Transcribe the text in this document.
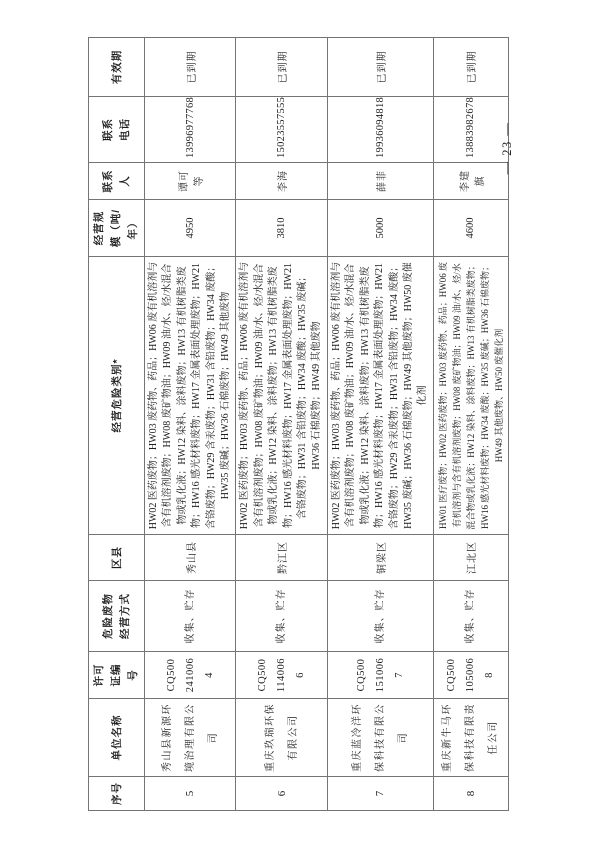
序号	单位名称	许可证编号	危险废物经营方式	区县	经营危险类别*	经营规模（吨/年）	联系人	联系电话	有效期
5	秀山县新源环境治理有限公司	CQ5002410064	收集、贮存	秀山县	HW02 医药废物；HW03 废药物、药品；HW06 废有机溶剂与含有机溶剂废物；HW08 废矿物油；HW09 油/水、烃/水混合物或乳化液；HW12 染料、涂料废物；HW13 有机树脂类废物；HW16 感光材料废物；HW17 金属表面处理废物；HW21 含铬废物；HW29 含汞废物；HW31 含铅废物；HW34 废酸；HW35 废碱；HW36 石棉废物；HW49 其他废物	4950	谭可等	13996977768	已到期
6	重庆玖瑞环保有限公司	CQ5001140066	收集、贮存	黔江区	HW02 医药废物；HW03 废药物、药品；HW06 废有机溶剂与含有机溶剂废物；HW08 废矿物油；HW09 油/水、烃/水混合物或乳化液；HW12 染料、涂料废物；HW13 有机树脂类废物；HW16 感光材料废物；HW17 金属表面处理废物；HW21 含铬废物；HW31 含铅废物；HW34 废酸；HW35 废碱；HW36 石棉废物；HW49 其他废物	3810	李海	15023557555	已到期
7	重庆蓝冷洋环保科技有限公司	CQ5001510067	收集、贮存	铜梁区	HW02 医药废物；HW03 废药物、药品；HW06 废有机溶剂与含有机溶剂废物；HW08 废矿物油；HW09 油/水、烃/水混合物或乳化液；HW12 染料、涂料废物；HW13 有机树脂类废物；HW16 感光材料废物；HW17 金属表面处理废物；HW21 含铬废物；HW29 含汞废物；HW31 含铅废物；HW34 废酸；HW35 废碱；HW36 石棉废物；HW49 其他废物；HW50 废催化剂	5000	薛菲	19936094818	已到期
8	重庆新牛马环保科技有限责任公司	CQ5001050068	收集、贮存	江北区	HW01 医疗废物；HW02 医药废物；HW03 废药物、药品；HW06 废有机溶剂与含有机溶剂废物；HW08 废矿物油；HW09 油/水、烃/水混合物或乳化液；HW12 染料、涂料废物；HW13 有机树脂类废物；HW16 感光材料废物；HW34 废酸；HW35 废碱；HW36 石棉废物；HW49 其他废物、HW50 废催化剂	4600	李建旗	13883982678	已到期
— 23 —
